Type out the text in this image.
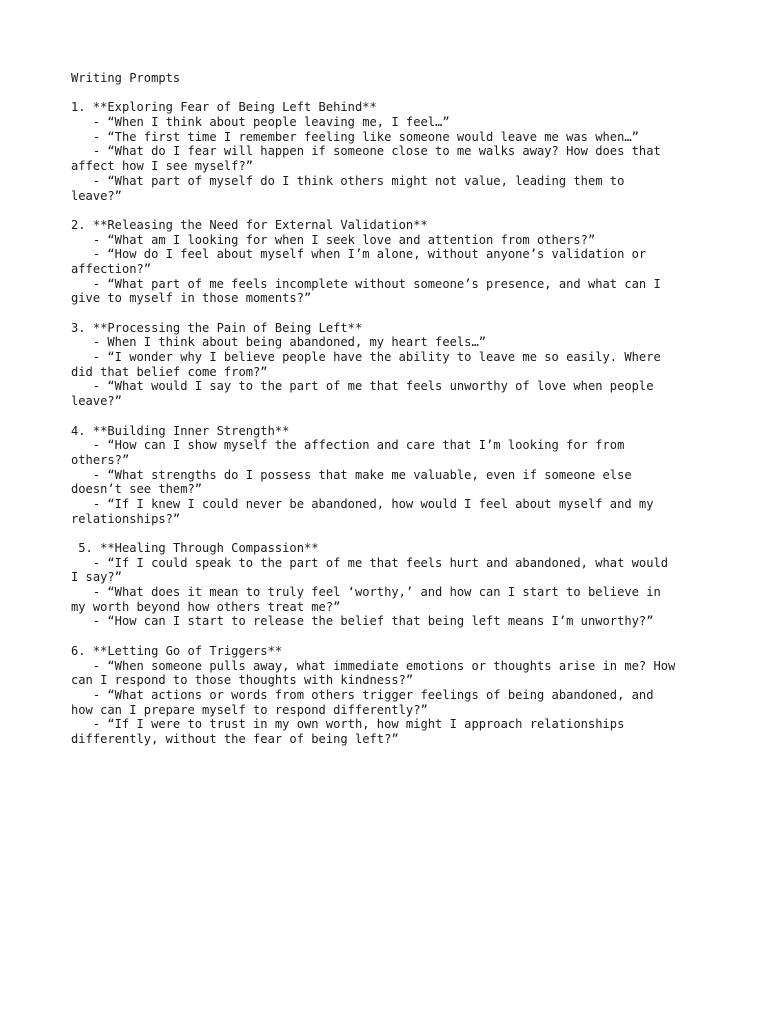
Writing Prompts
1. **Exploring Fear of Being Left Behind**
- “When I think about people leaving me, I feel…”
- “The first time I remember feeling like someone would leave me was when…”
- “What do I fear will happen if someone close to me walks away? How does that
affect how I see myself?”
- “What part of myself do I think others might not value, leading them to
leave?”
2. **Releasing the Need for External Validation**
- “What am I looking for when I seek love and attention from others?”
- “How do I feel about myself when I’m alone, without anyone’s validation or
affection?”
- “What part of me feels incomplete without someone’s presence, and what can I
give to myself in those moments?”
3. **Processing the Pain of Being Left**
- When I think about being abandoned, my heart feels…”
- “I wonder why I believe people have the ability to leave me so easily. Where
did that belief come from?”
- “What would I say to the part of me that feels unworthy of love when people
leave?”
4. **Building Inner Strength**
- “How can I show myself the affection and care that I’m looking for from
others?”
- “What strengths do I possess that make me valuable, even if someone else
doesn’t see them?”
- “If I knew I could never be abandoned, how would I feel about myself and my
relationships?”
5. **Healing Through Compassion**
- “If I could speak to the part of me that feels hurt and abandoned, what would
I say?”
- “What does it mean to truly feel ‘worthy,’ and how can I start to believe in
my worth beyond how others treat me?”
- “How can I start to release the belief that being left means I’m unworthy?”
6. **Letting Go of Triggers**
- “When someone pulls away, what immediate emotions or thoughts arise in me? How
can I respond to those thoughts with kindness?”
- “What actions or words from others trigger feelings of being abandoned, and
how can I prepare myself to respond differently?”
- “If I were to trust in my own worth, how might I approach relationships
differently, without the fear of being left?”
